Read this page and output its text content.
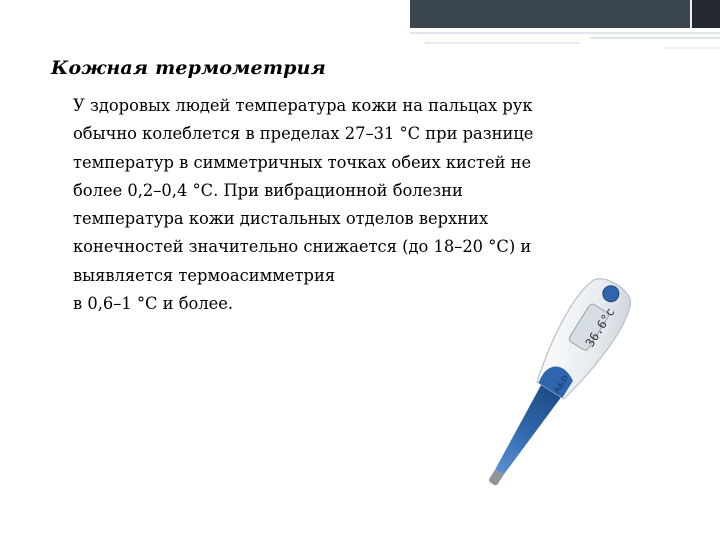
Кожная термометрия

У здоровых людей температура кожи на пальцах рук
обычно колеблется в пределах 27–31 °С при разнице
температур в симметричных точках обеих кистей не
более 0,2–0,4 °С. При вибрационной болезни
температура кожи дистальных отделов верхних
конечностей значительно снижается (до 18–20 °С) и
выявляется термоасимметрия
в 0,6–1 °С и более.

36.6°c
A&D
